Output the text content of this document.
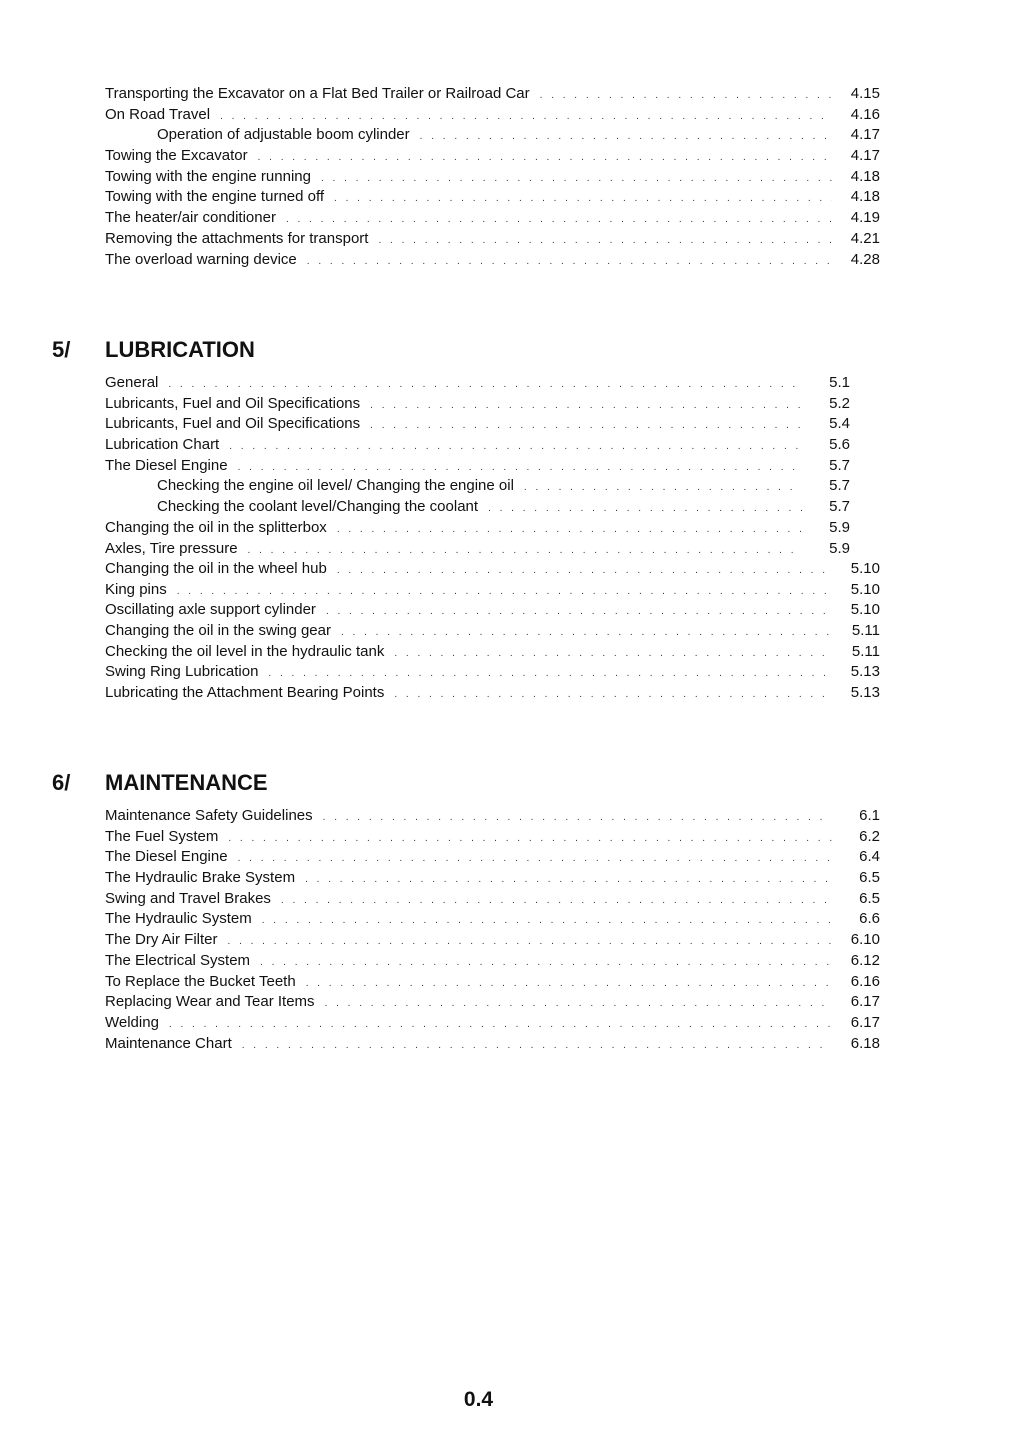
Transporting the Excavator on a Flat Bed Trailer or Railroad Car . . .	4.15
On Road Travel . . .	4.16
Operation of adjustable boom cylinder . . .	4.17
Towing the Excavator . . .	4.17
Towing with the engine running . . .	4.18
Towing with the engine turned off . . .	4.18
The heater/air conditioner . . .	4.19
Removing the attachments for transport . . .	4.21
The overload warning device . . .	4.28
5/	LUBRICATION
General . . .	5.1
Lubricants, Fuel and Oil Specifications . . .	5.2
Lubricants, Fuel and Oil Specifications . . .	5.4
Lubrication Chart . . .	5.6
The Diesel Engine . . .	5.7
Checking the engine oil level/ Changing the engine oil . . .	5.7
Checking the coolant level/Changing the coolant . . .	5.7
Changing the oil in the splitterbox . . .	5.9
Axles, Tire pressure . . .	5.9
Changing the oil in the wheel hub . . .	5.10
King pins . . .	5.10
Oscillating axle support cylinder . . .	5.10
Changing the oil in the swing gear . . .	5.11
Checking the oil level in the hydraulic tank . . .	5.11
Swing Ring Lubrication . . .	5.13
Lubricating the Attachment Bearing Points . . .	5.13
6/	MAINTENANCE
Maintenance Safety Guidelines . . .	6.1
The Fuel System . . .	6.2
The Diesel Engine . . .	6.4
The Hydraulic Brake System . . .	6.5
Swing and Travel Brakes . . .	6.5
The Hydraulic System . . .	6.6
The Dry Air Filter . . .	6.10
The Electrical System . . .	6.12
To Replace the Bucket Teeth . . .	6.16
Replacing Wear and Tear Items . . .	6.17
Welding . . .	6.17
Maintenance Chart . . .	6.18
0.4
